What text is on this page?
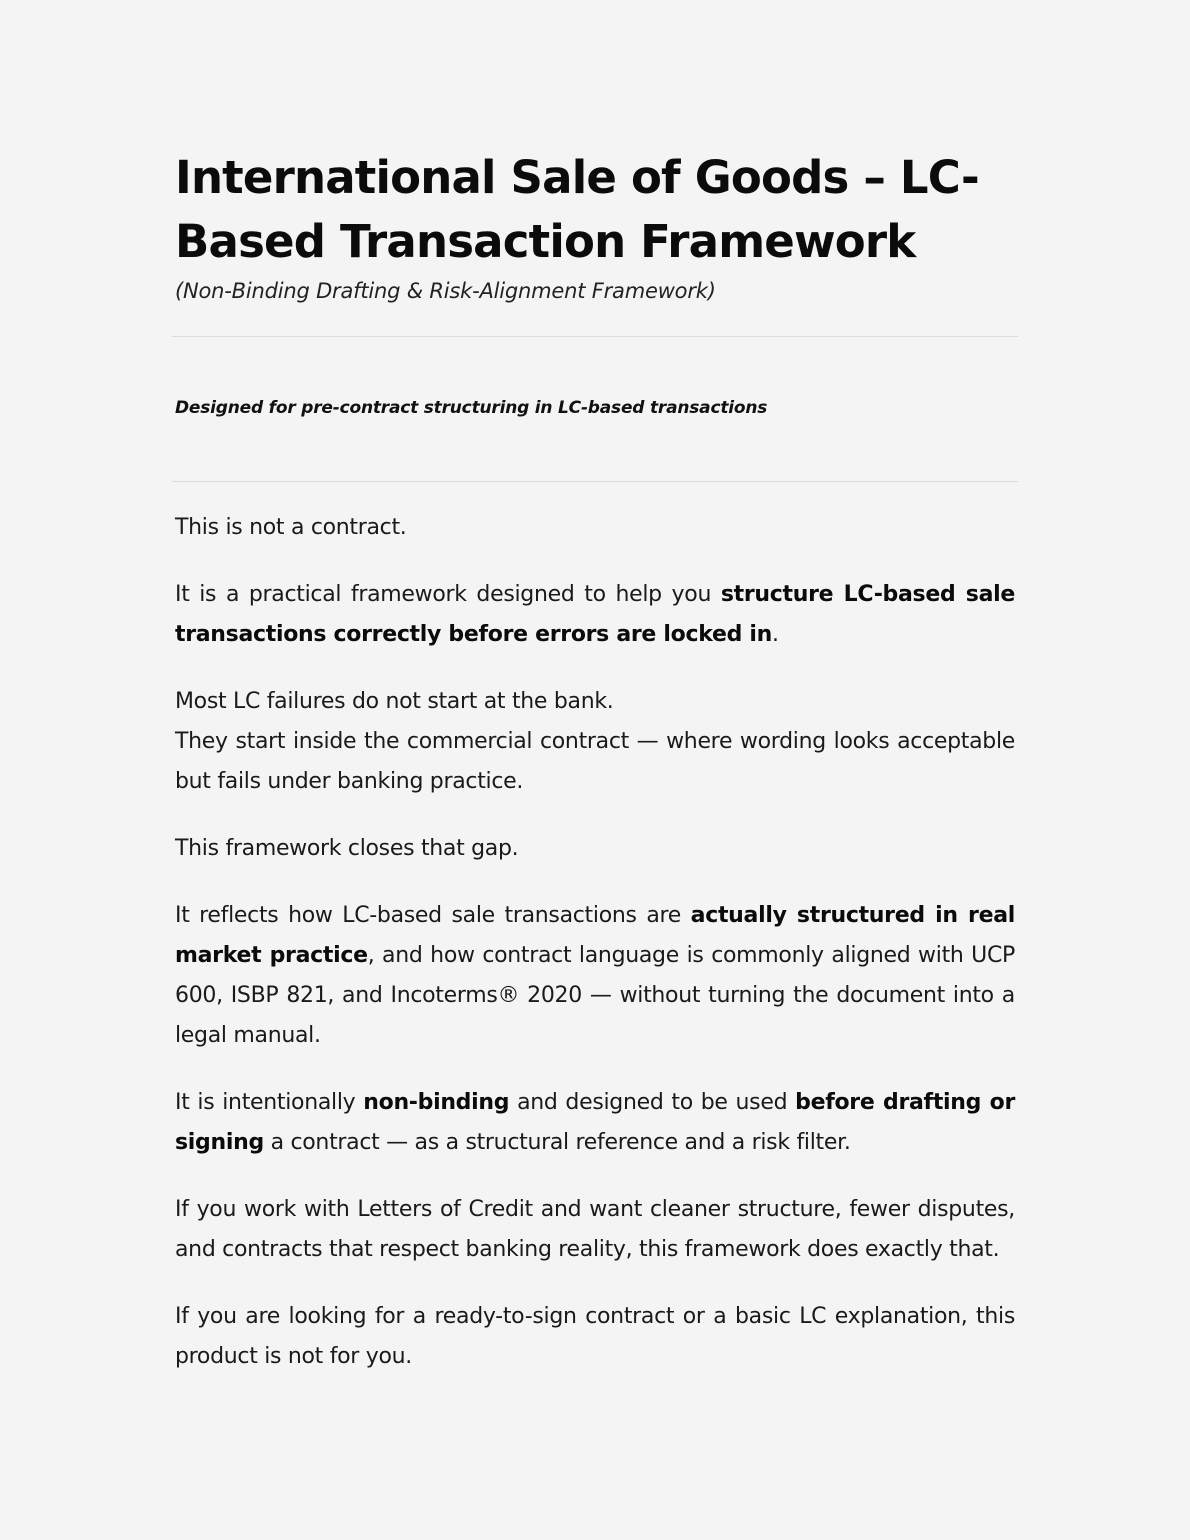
International Sale of Goods – LC-Based Transaction Framework
(Non-Binding Drafting & Risk-Alignment Framework)
Designed for pre-contract structuring in LC-based transactions

This is not a contract.

It is a practical framework designed to help you structure LC-based sale transactions correctly before errors are locked in.

Most LC failures do not start at the bank.
They start inside the commercial contract — where wording looks acceptable but fails under banking practice.

This framework closes that gap.

It reflects how LC-based sale transactions are actually structured in real market practice, and how contract language is commonly aligned with UCP 600, ISBP 821, and Incoterms® 2020 — without turning the document into a legal manual.

It is intentionally non-binding and designed to be used before drafting or signing a contract — as a structural reference and a risk filter.

If you work with Letters of Credit and want cleaner structure, fewer disputes, and contracts that respect banking reality, this framework does exactly that.

If you are looking for a ready-to-sign contract or a basic LC explanation, this product is not for you.
